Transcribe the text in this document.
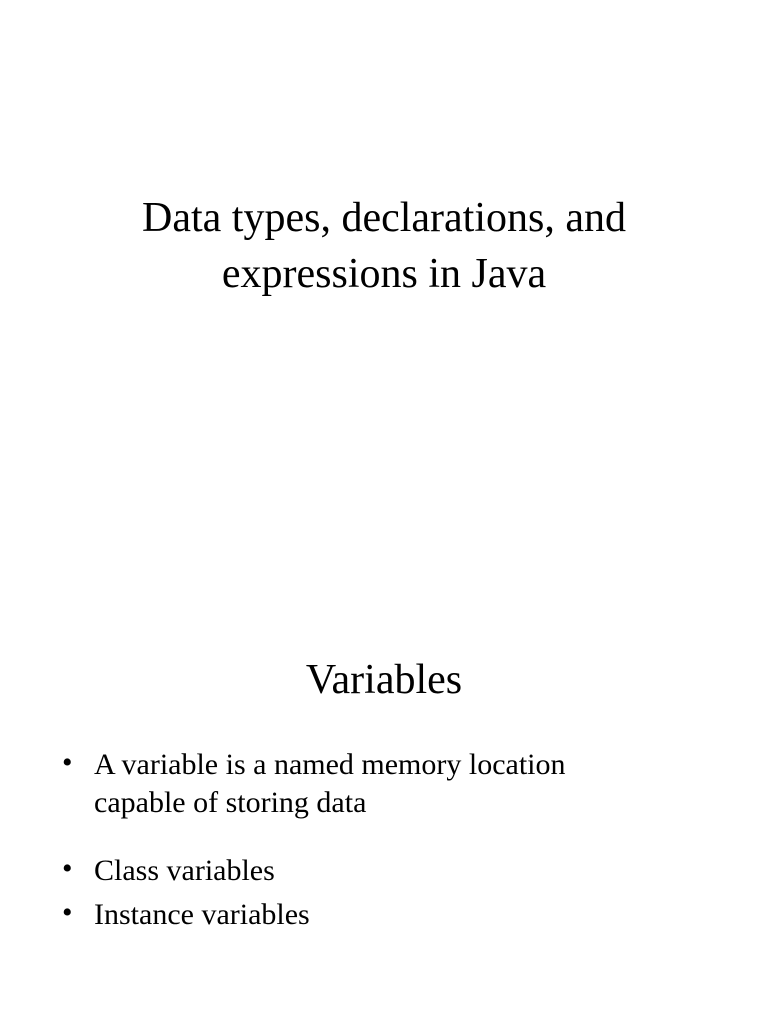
Data types, declarations, and
expressions in Java
Variables
• A variable is a named memory location
capable of storing data
• Class variables
• Instance variables
